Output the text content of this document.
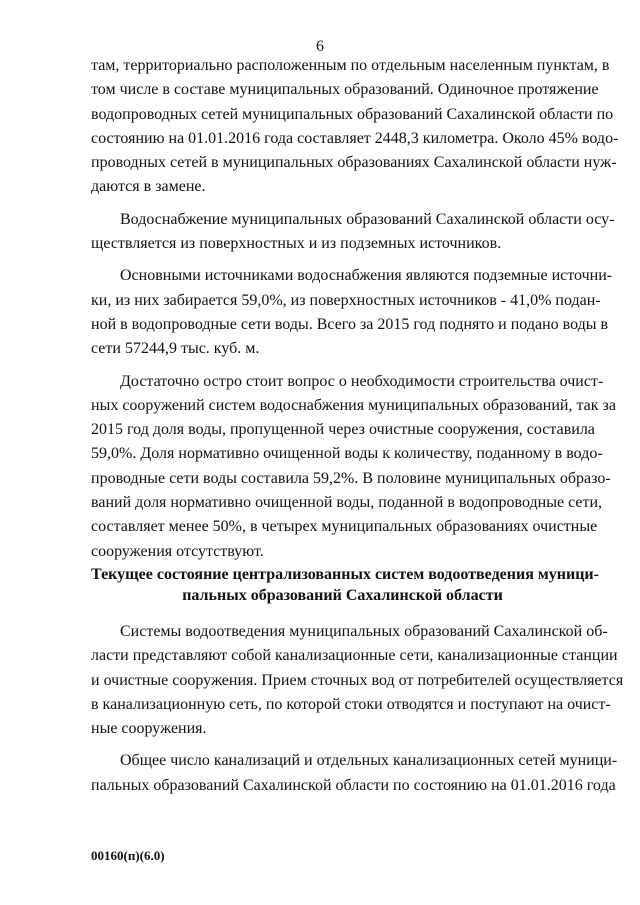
6

там, территориально расположенным по отдельным населенным пунктам, в
том числе в составе муниципальных образований. Одиночное протяжение
водопроводных сетей муниципальных образований Сахалинской области по
состоянию на 01.01.2016 года составляет 2448,3 километра. Около 45% водо-
проводных сетей в муниципальных образованиях Сахалинской области нуж-
даются в замене.

Водоснабжение муниципальных образований Сахалинской области осу-
ществляется из поверхностных и из подземных источников.

Основными источниками водоснабжения являются подземные источни-
ки, из них забирается 59,0%, из поверхностных источников - 41,0% подан-
ной в водопроводные сети воды. Всего за 2015 год поднято и подано воды в
сети 57244,9 тыс. куб. м.

Достаточно остро стоит вопрос о необходимости строительства очист-
ных сооружений систем водоснабжения муниципальных образований, так за
2015 год доля воды, пропущенной через очистные сооружения, составила
59,0%. Доля нормативно очищенной воды к количеству, поданному в водо-
проводные сети воды составила 59,2%. В половине муниципальных образо-
ваний доля нормативно очищенной воды, поданной в водопроводные сети,
составляет менее 50%, в четырех муниципальных образованиях очистные
сооружения отсутствуют.

Текущее состояние централизованных систем водоотведения муници-
пальных образований Сахалинской области

Системы водоотведения муниципальных образований Сахалинской об-
ласти представляют собой канализационные сети, канализационные станции
и очистные сооружения. Прием сточных вод от потребителей осуществляется
в канализационную сеть, по которой стоки отводятся и поступают на очист-
ные сооружения.

Общее число канализаций и отдельных канализационных сетей муници-
пальных образований Сахалинской области по состоянию на 01.01.2016 года

00160(п)(6.0)
